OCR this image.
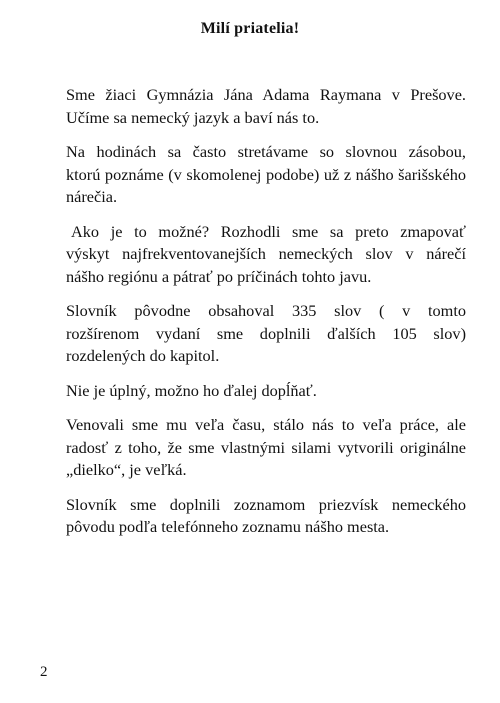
Milí priatelia!

Sme žiaci Gymnázia Jána Adama Raymana v Prešove.
Učíme sa nemecký jazyk a baví nás to.

Na hodinách sa často stretávame so slovnou zásobou,
ktorú poznáme (v skomolenej podobe) už z nášho šarišského
nárečia.

Ako je to možné? Rozhodli sme sa preto zmapovať
výskyt najfrekventovanejších nemeckých slov v nárečí
nášho regiónu a pátrať po príčinách tohto javu.

Slovník pôvodne obsahoval 335 slov ( v tomto
rozšírenom vydaní sme doplnili ďalších 105 slov)
rozdelených do kapitol.

Nie je úplný, možno ho ďalej dopĺňať.

Venovali sme mu veľa času, stálo nás to veľa práce, ale
radosť z toho, že sme vlastnými silami vytvorili originálne
„dielko“, je veľká.

Slovník sme doplnili zoznamom priezvísk nemeckého
pôvodu podľa telefónneho zoznamu nášho mesta.

2
